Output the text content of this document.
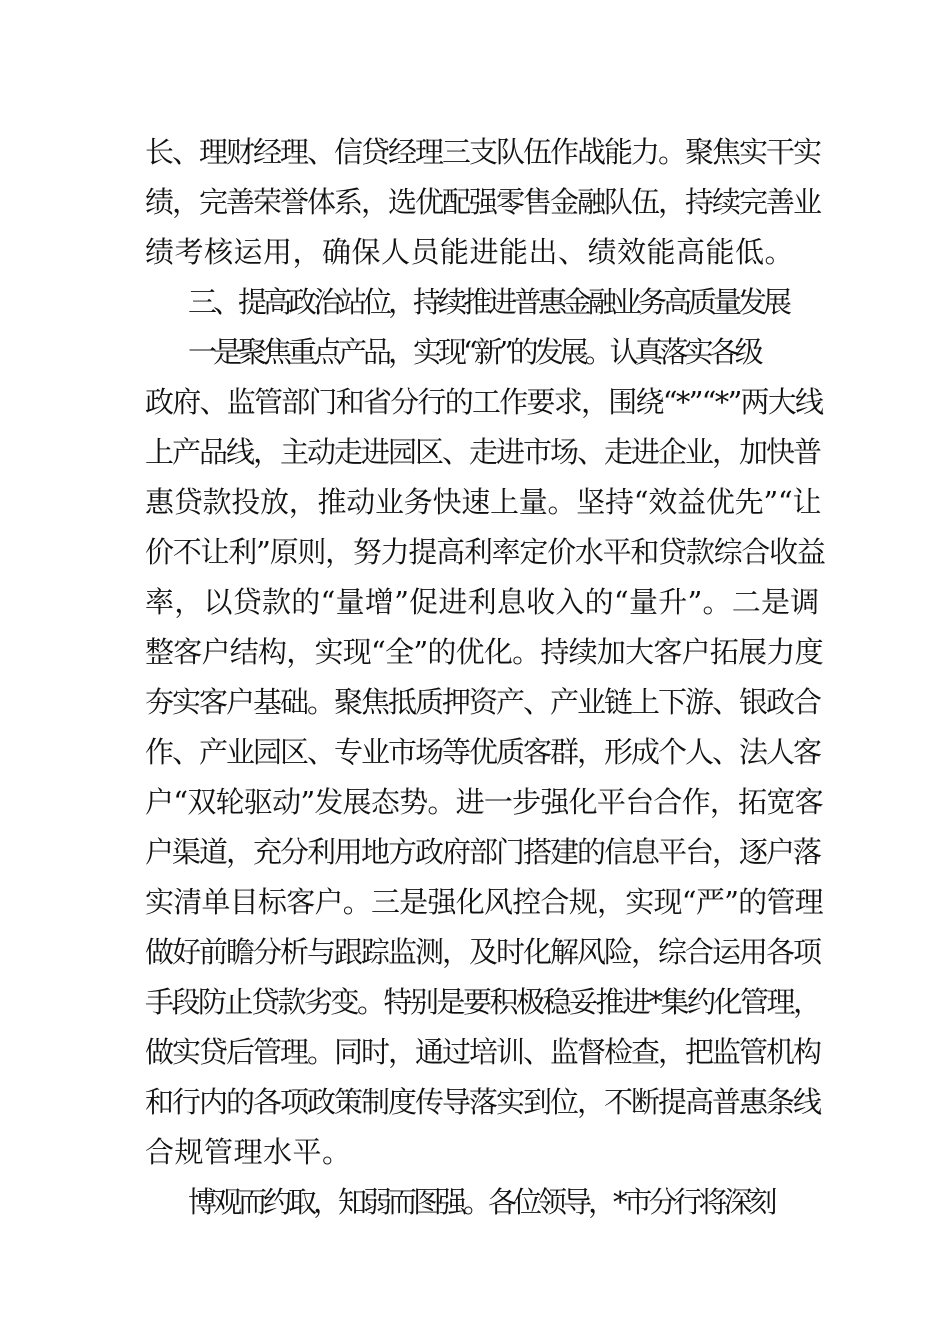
长、理财经理、信贷经理三支队伍作战能力。聚焦实干实
绩，完善荣誉体系，选优配强零售金融队伍，持续完善业
绩考核运用，确保人员能进能出、绩效能高能低。
三、提高政治站位，持续推进普惠金融业务高质量发展
一是聚焦重点产品，实现“新”的发展。认真落实各级
政府、监管部门和省分行的工作要求，围绕“*”“*”两大线
上产品线，主动走进园区、走进市场、走进企业，加快普
惠贷款投放，推动业务快速上量。坚持“效益优先”“让
价不让利”原则，努力提高利率定价水平和贷款综合收益
率，以贷款的“量增”促进利息收入的“量升”。二是调
整客户结构，实现“全”的优化。持续加大客户拓展力度
夯实客户基础。聚焦抵质押资产、产业链上下游、银政合
作、产业园区、专业市场等优质客群，形成个人、法人客
户“双轮驱动”发展态势。进一步强化平台合作，拓宽客
户渠道，充分利用地方政府部门搭建的信息平台，逐户落
实清单目标客户。三是强化风控合规，实现“严”的管理
做好前瞻分析与跟踪监测，及时化解风险，综合运用各项
手段防止贷款劣变。特别是要积极稳妥推进*集约化管理，
做实贷后管理。同时，通过培训、监督检查，把监管机构
和行内的各项政策制度传导落实到位，不断提高普惠条线
合规管理水平。
博观而约取，知弱而图强。各位领导，*市分行将深刻
